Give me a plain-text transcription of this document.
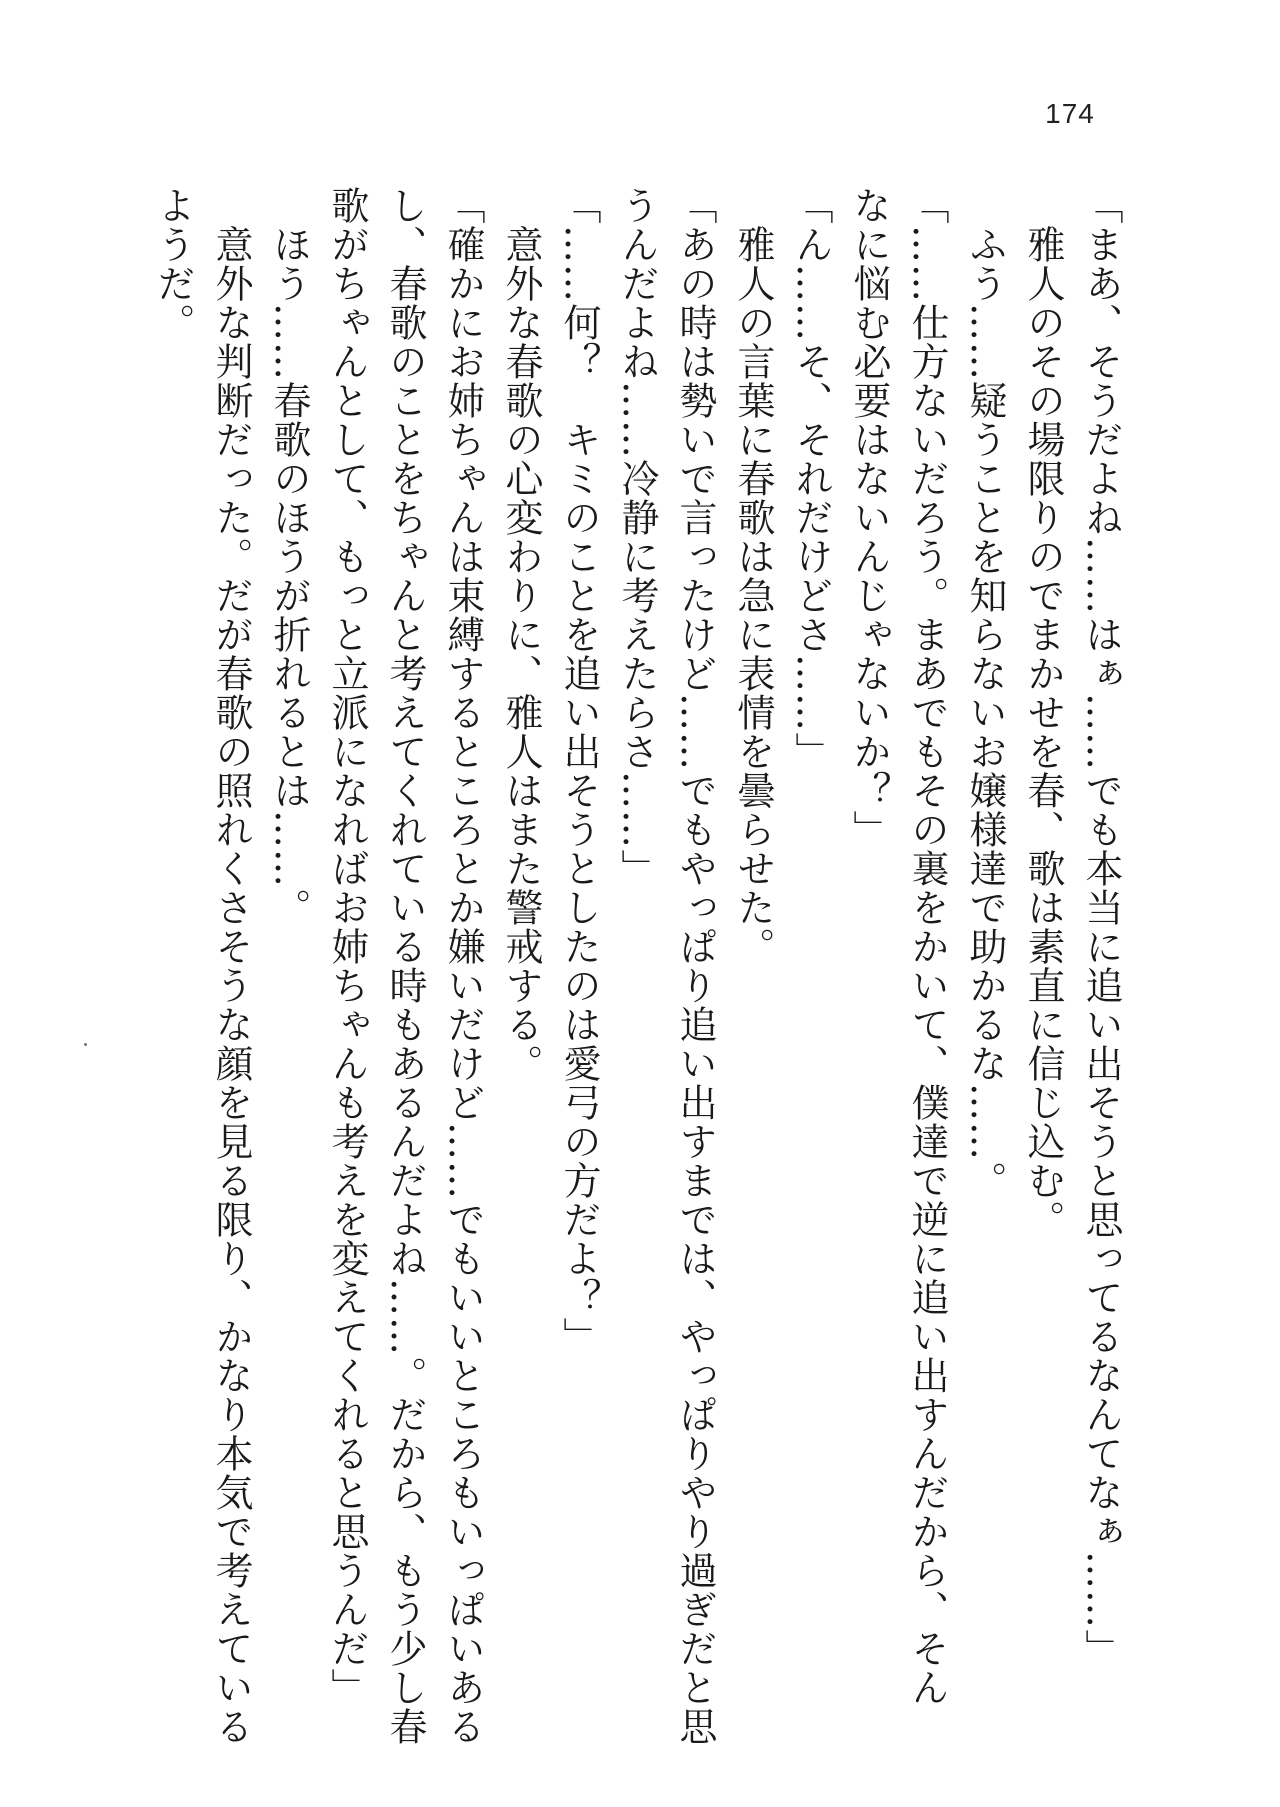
174
「まあ、そうだよね……はぁ……でも本当に追い出そうと思ってるなんてなぁ……」
　雅人のその場限りのでまかせを春、歌は素直に信じ込む。
　ふう……疑うことを知らないお嬢様達で助かるな……。
「……仕方ないだろう。まあでもその裏をかいて、僕達で逆に追い出すんだから、そん
なに悩む必要はないんじゃないか？」
「ん……そ、それだけどさ……」
　雅人の言葉に春歌は急に表情を曇らせた。
「あの時は勢いで言ったけど……でもやっぱり追い出すまでは、やっぱりやり過ぎだと思
うんだよね……冷静に考えたらさ……」
「……何？　キミのことを追い出そうとしたのは愛弓の方だよ？」
　意外な春歌の心変わりに、雅人はまた警戒する。
「確かにお姉ちゃんは束縛するところとか嫌いだけど……でもいいところもいっぱいある
し、春歌のことをちゃんと考えてくれている時もあるんだよね……。だから、もう少し春
歌がちゃんとして、もっと立派になればお姉ちゃんも考えを変えてくれると思うんだ」
　ほう……春歌のほうが折れるとは……。
　意外な判断だった。だが春歌の照れくさそうな顔を見る限り、かなり本気で考えている
ようだ。
